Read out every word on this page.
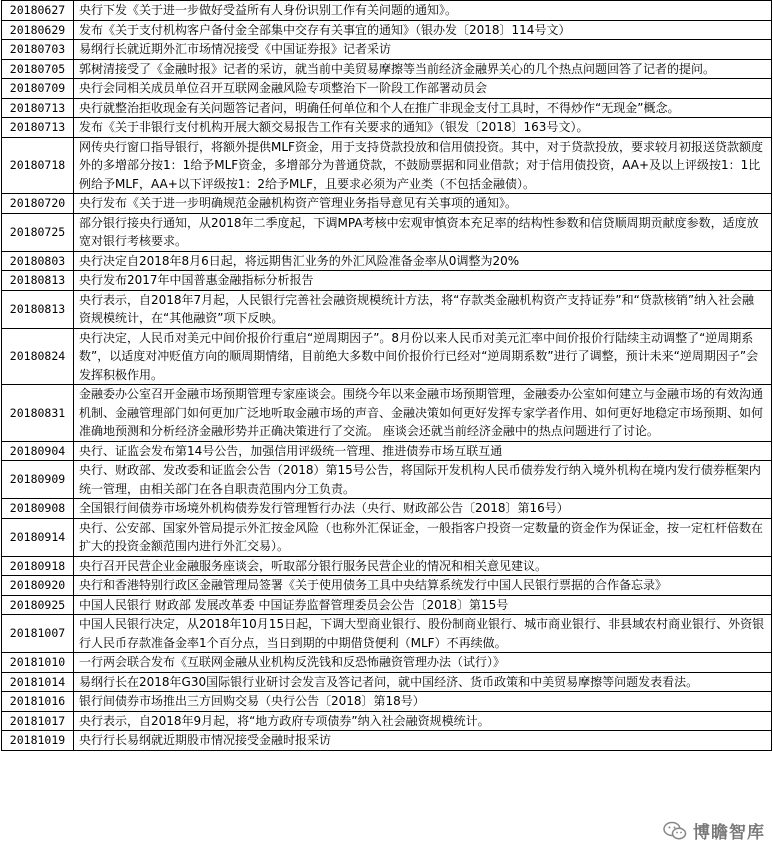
20180627	央行下发《关于进一步做好受益所有人身份识别工作有关问题的通知》。
20180629	发布《关于支付机构客户备付金全部集中交存有关事宜的通知》（银办发〔2018〕114号文）
20180703	易纲行长就近期外汇市场情况接受《中国证券报》记者采访
20180705	郭树清接受了《金融时报》记者的采访，就当前中美贸易摩擦等当前经济金融界关心的几个热点问题回答了记者的提问。
20180709	央行会同相关成员单位召开互联网金融风险专项整治下一阶段工作部署动员会
20180713	央行就整治拒收现金有关问题答记者问，明确任何单位和个人在推广非现金支付工具时，不得炒作“无现金”概念。
20180713	发布《关于非银行支付机构开展大额交易报告工作有关要求的通知》（银发〔2018〕163号文）。
20180718	网传央行窗口指导银行，将额外提供MLF资金，用于支持贷款投放和信用债投资。其中，对于贷款投放，要求较月初报送贷款额度外的多增部分按1：1给予MLF资金，多增部分为普通贷款，不鼓励票据和同业借款；对于信用债投资，AA+及以上评级按1：1比例给予MLF，AA+以下评级按1：2给予MLF，且要求必须为产业类（不包括金融债）。
20180720	央行发布《关于进一步明确规范金融机构资产管理业务指导意见有关事项的通知》。
20180725	部分银行接央行通知，从2018年二季度起，下调MPA考核中宏观审慎资本充足率的结构性参数和信贷顺周期贡献度参数，适度放宽对银行考核要求。
20180803	央行决定自2018年8月6日起，将远期售汇业务的外汇风险准备金率从0调整为20%
20180813	央行发布2017年中国普惠金融指标分析报告
20180813	央行表示，自2018年7月起，人民银行完善社会融资规模统计方法，将“存款类金融机构资产支持证券”和“贷款核销”纳入社会融资规模统计，在“其他融资”项下反映。
20180824	央行决定，人民币对美元中间价报价行重启“逆周期因子”。8月份以来人民币对美元汇率中间价报价行陆续主动调整了“逆周期系数”，以适度对冲贬值方向的顺周期情绪，目前绝大多数中间价报价行已经对“逆周期系数”进行了调整，预计未来“逆周期因子”会发挥积极作用。
20180831	金融委办公室召开金融市场预期管理专家座谈会。围绕今年以来金融市场预期管理，金融委办公室如何建立与金融市场的有效沟通机制、金融管理部门如何更加广泛地听取金融市场的声音、金融决策如何更好发挥专家学者作用、如何更好地稳定市场预期、如何准确地预测和分析经济金融形势并正确决策进行了交流。 座谈会还就当前经济金融中的热点问题进行了讨论。
20180904	央行、证监会发布第14号公告，加强信用评级统一管理、推进债券市场互联互通
20180909	央行、财政部、发改委和证监会公告（2018）第15号公告，将国际开发机构人民币债券发行纳入境外机构在境内发行债券框架内统一管理，由相关部门在各自职责范围内分工负责。
20180908	全国银行间债券市场境外机构债券发行管理暂行办法（央行、财政部公告〔2018〕第16号）
20180914	央行、公安部、国家外管局提示外汇按金风险（也称外汇保证金，一般指客户投资一定数量的资金作为保证金，按一定杠杆倍数在扩大的投资金额范围内进行外汇交易）。
20180918	央行召开民营企业金融服务座谈会，听取部分银行服务民营企业的情况和相关意见建议。
20180920	央行和香港特别行政区金融管理局签署《关于使用债务工具中央结算系统发行中国人民银行票据的合作备忘录》
20180925	中国人民银行 财政部 发展改革委 中国证券监督管理委员会公告〔2018〕第15号
20181007	中国人民银行决定，从2018年10月15日起，下调大型商业银行、股份制商业银行、城市商业银行、非县域农村商业银行、外资银行人民币存款准备金率1个百分点，当日到期的中期借贷便利（MLF）不再续做。
20181010	一行两会联合发布《互联网金融从业机构反洗钱和反恐怖融资管理办法（试行）》
20181014	易纲行长在2018年G30国际银行业研讨会发言及答记者问，就中国经济、货币政策和中美贸易摩擦等问题发表看法。
20181016	银行间债券市场推出三方回购交易（央行公告〔2018〕第18号）
20181017	央行表示，自2018年9月起，将“地方政府专项债券”纳入社会融资规模统计。
20181019	央行行长易纲就近期股市情况接受金融时报采访
博瞻智库
